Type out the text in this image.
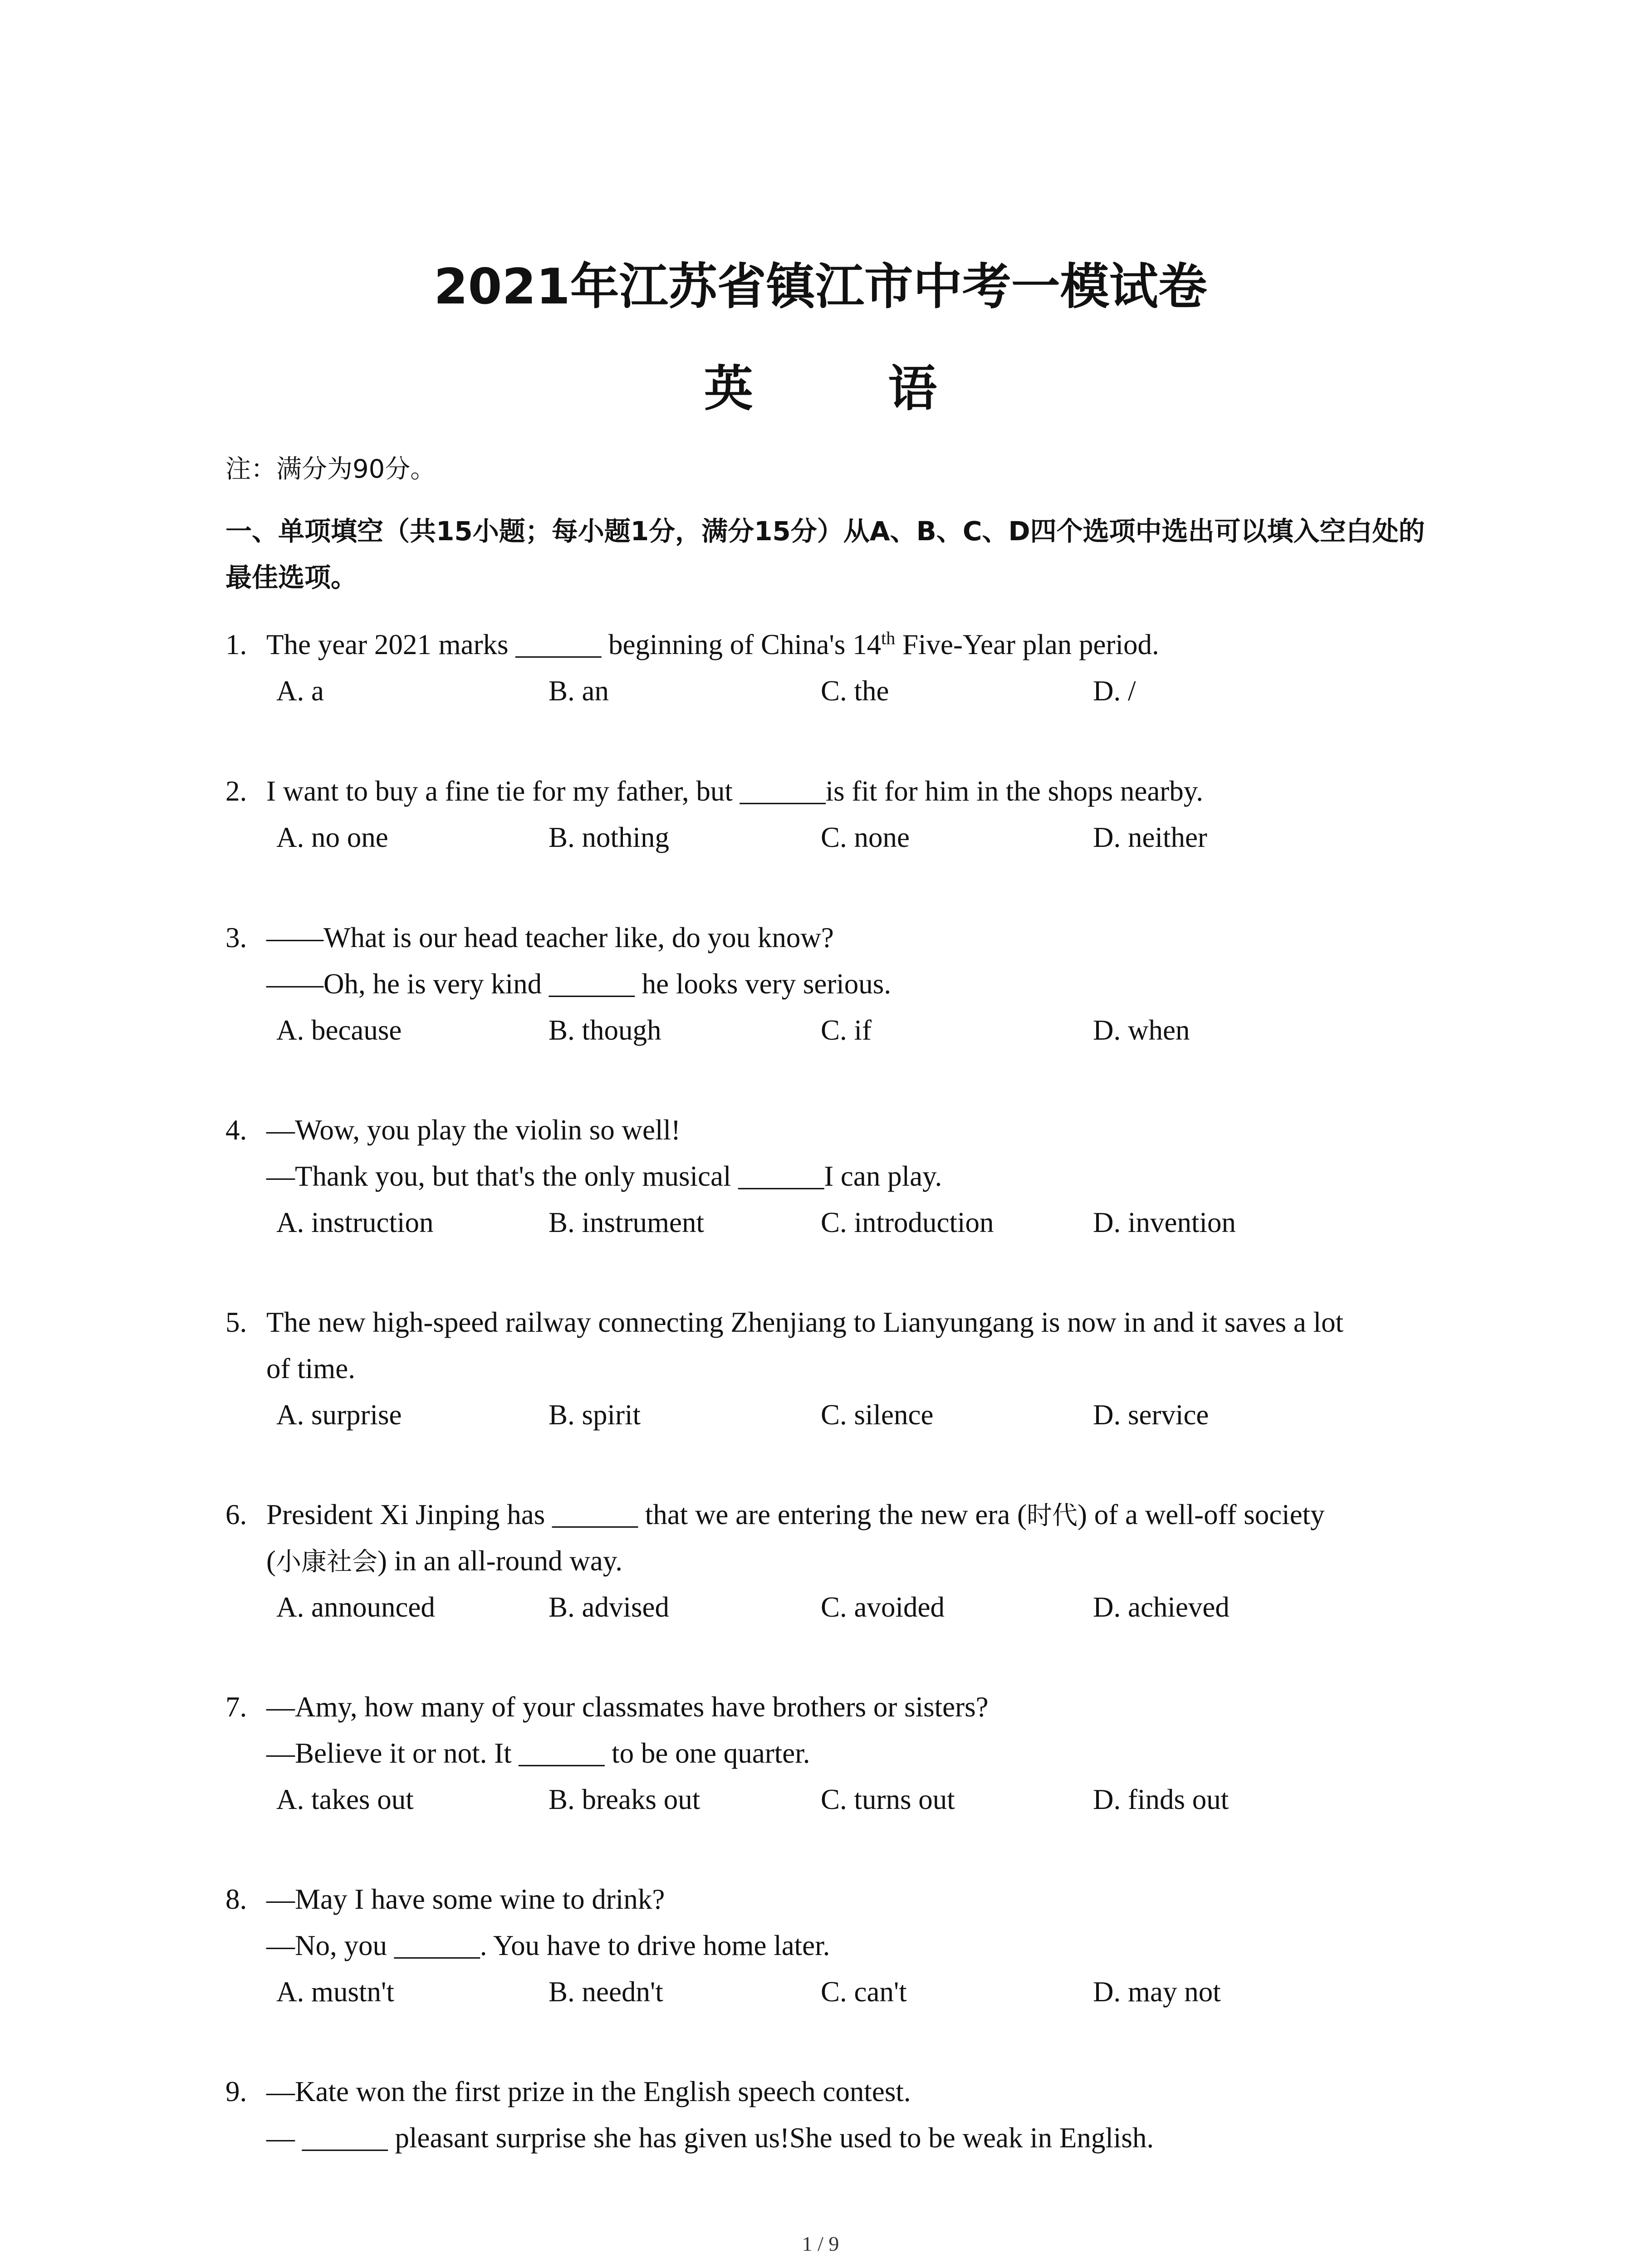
2021年江苏省镇江市中考一模试卷
英 语
注：满分为90分。
一、单项填空（共15小题；每小题1分，满分15分）从A、B、C、D四个选项中选出可以填入空白处的最佳选项。
1. The year 2021 marks ______ beginning of China's 14th Five-Year plan period.
A. a	B. an	C. the	D. /
2. I want to buy a fine tie for my father, but ______is fit for him in the shops nearby.
A. no one	B. nothing	C. none	D. neither
3. ——What is our head teacher like, do you know?
——Oh, he is very kind ______ he looks very serious.
A. because	B. though	C. if	D. when
4. —Wow, you play the violin so well!
—Thank you, but that's the only musical ______I can play.
A. instruction	B. instrument	C. introduction	D. invention
5. The new high-speed railway connecting Zhenjiang to Lianyungang is now in and it saves a lot
of time.
A. surprise	B. spirit	C. silence	D. service
6. President Xi Jinping has ______ that we are entering the new era (时代) of a well-off society
(小康社会) in an all-round way.
A. announced	B. advised	C. avoided	D. achieved
7. —Amy, how many of your classmates have brothers or sisters?
—Believe it or not. It ______ to be one quarter.
A. takes out	B. breaks out	C. turns out	D. finds out
8. —May I have some wine to drink?
—No, you ______. You have to drive home later.
A. mustn't	B. needn't	C. can't	D. may not
9. —Kate won the first prize in the English speech contest.
— ______ pleasant surprise she has given us!She used to be weak in English.
1 / 9
